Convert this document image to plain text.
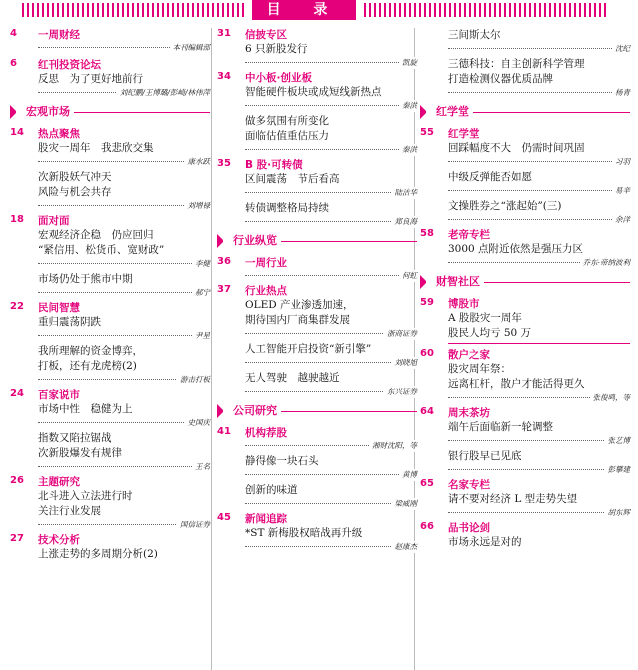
目 录
4	一周财经
本刊编辑部
6	红刊投资论坛
反思　为了更好地前行
刘纪鹏/王博璐/彭崎/林伟萍
宏观市场
14	热点聚焦
股灾一周年　我悲欣交集
康水跃
次新股妖气冲天
风险与机会共存
刘增禄
18	面对面
宏观经济企稳　仍应回归
“紧信用、松货币、宽财政”
李健
市场仍处于熊市中期
郝宁
22	民间智慧
重归震荡阴跌
尹星
我所理解的资金博弈，
打板，还有龙虎榜(2)
游击打板
24	百家说市
市场中性　稳健为上
史国庆
指数又陷拉锯战
次新股爆发有规律
王名
26	主题研究
北斗进入立法进行时
关注行业发展
国信证券
27	技术分析
上涨走势的多周期分析(2)
31	信披专区
6 只新股发行
凯旋
34	中小板·创业板
智能硬件板块或成短线新热点
秦洪
做多氛围有所变化
面临估值重估压力
秦洪
35	B 股·可转债
区间震荡　节后看高
陆洁华
转债调整格局持续
郑良海
行业纵览
36	一周行业
何虹
37	行业热点
OLED 产业渗透加速，
期待国内厂商集群发展
浙商证券
人工智能开启投资“新引擎”
刘晓旭
无人驾驶　越驶越近
东兴证券
公司研究
41	机构荐股
湘财沈阳，等
静得像一块石头
黄博
创新的味道
梁威刚
45	新闻追踪
*ST 新梅股权暗战再升级
赵康杰
三间斯太尔
沈纪
三德科技：自主创新科学管理
打造检测仪器优质品牌
杨青
红学堂
55	红学堂
回踩幅度不大　仍需时间巩固
习羽
中级反弹能否如愿
易辛
文操胜券之“涨起始”(三)
余洋
58	老帝专栏
3000 点附近依然是强压力区
乔东·帝纳波利
财智社区
59	博股市
A 股股灾一周年
股民人均亏 50 万
60	散户之家
股灾周年祭：
远离杠杆，散户才能活得更久
张俊鸣，等
64	周末茶坊
端午后面临新一轮调整
张艺博
银行股早已见底
彭攀建
65	名家专栏
请不要对经济 L 型走势失望
胡东辉
66	品书论剑
市场永远是对的
